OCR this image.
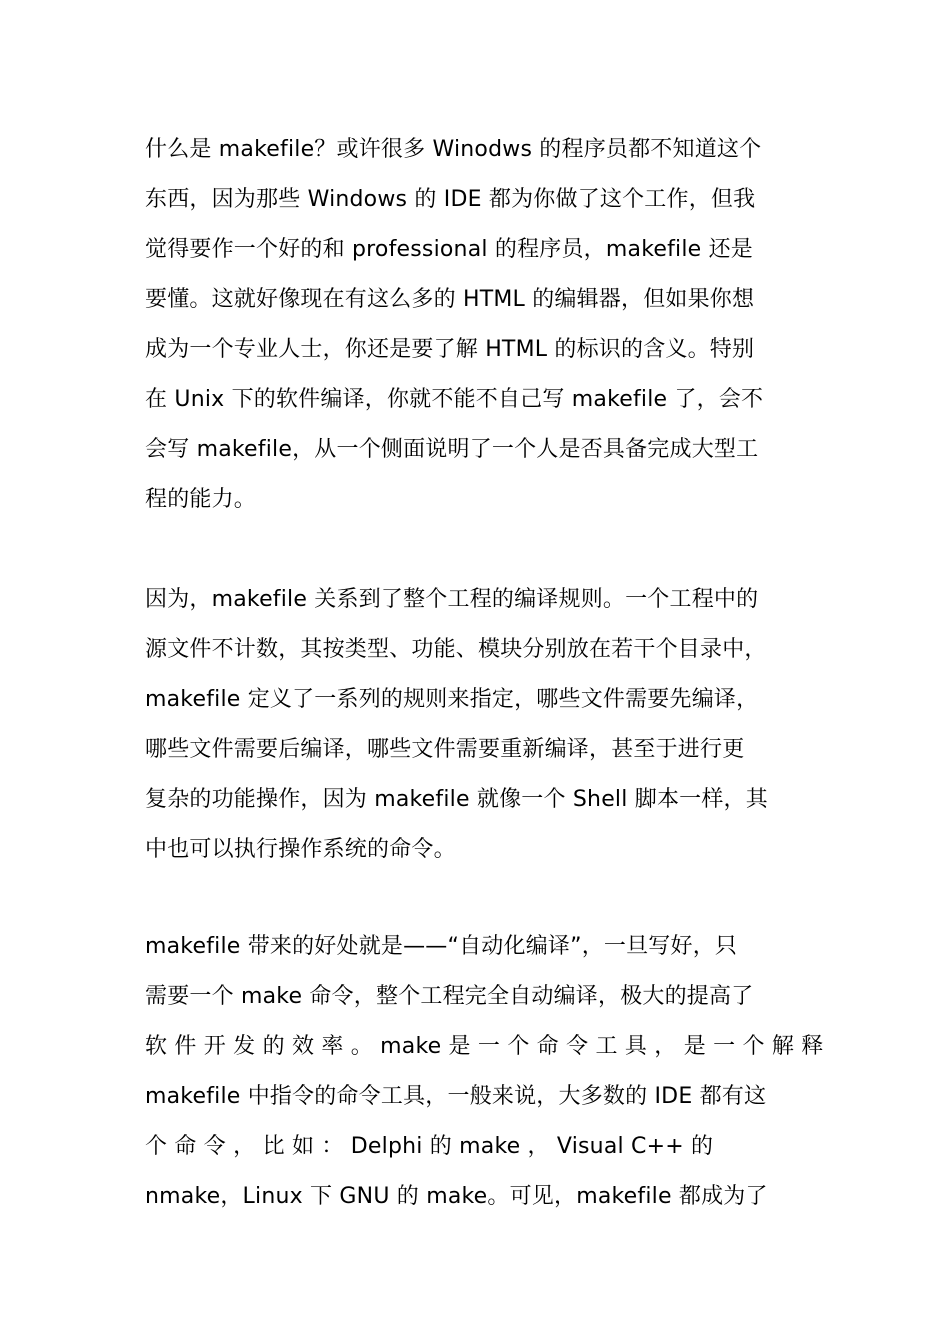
什么是 makefile？或许很多 Winodws 的程序员都不知道这个
东西，因为那些 Windows 的 IDE 都为你做了这个工作，但我
觉得要作一个好的和 professional 的程序员，makefile 还是
要懂。这就好像现在有这么多的 HTML 的编辑器，但如果你想
成为一个专业人士，你还是要了解 HTML 的标识的含义。特别
在 Unix 下的软件编译，你就不能不自己写 makefile 了，会不
会写 makefile，从一个侧面说明了一个人是否具备完成大型工
程的能力。
因为，makefile 关系到了整个工程的编译规则。一个工程中的
源文件不计数，其按类型、功能、模块分别放在若干个目录中，
makefile 定义了一系列的规则来指定，哪些文件需要先编译，
哪些文件需要后编译，哪些文件需要重新编译，甚至于进行更
复杂的功能操作，因为 makefile 就像一个 Shell 脚本一样，其
中也可以执行操作系统的命令。
makefile 带来的好处就是——“自动化编译”，一旦写好，只
需要一个 make 命令，整个工程完全自动编译，极大的提高了
软 件 开 发 的 效 率 。 make 是 一 个 命 令 工 具 ， 是 一 个 解 释
makefile 中指令的命令工具，一般来说，大多数的 IDE 都有这
个 命 令 ， 比 如 ： Delphi 的 make ， Visual C++ 的
nmake，Linux 下 GNU 的 make。可见，makefile 都成为了
